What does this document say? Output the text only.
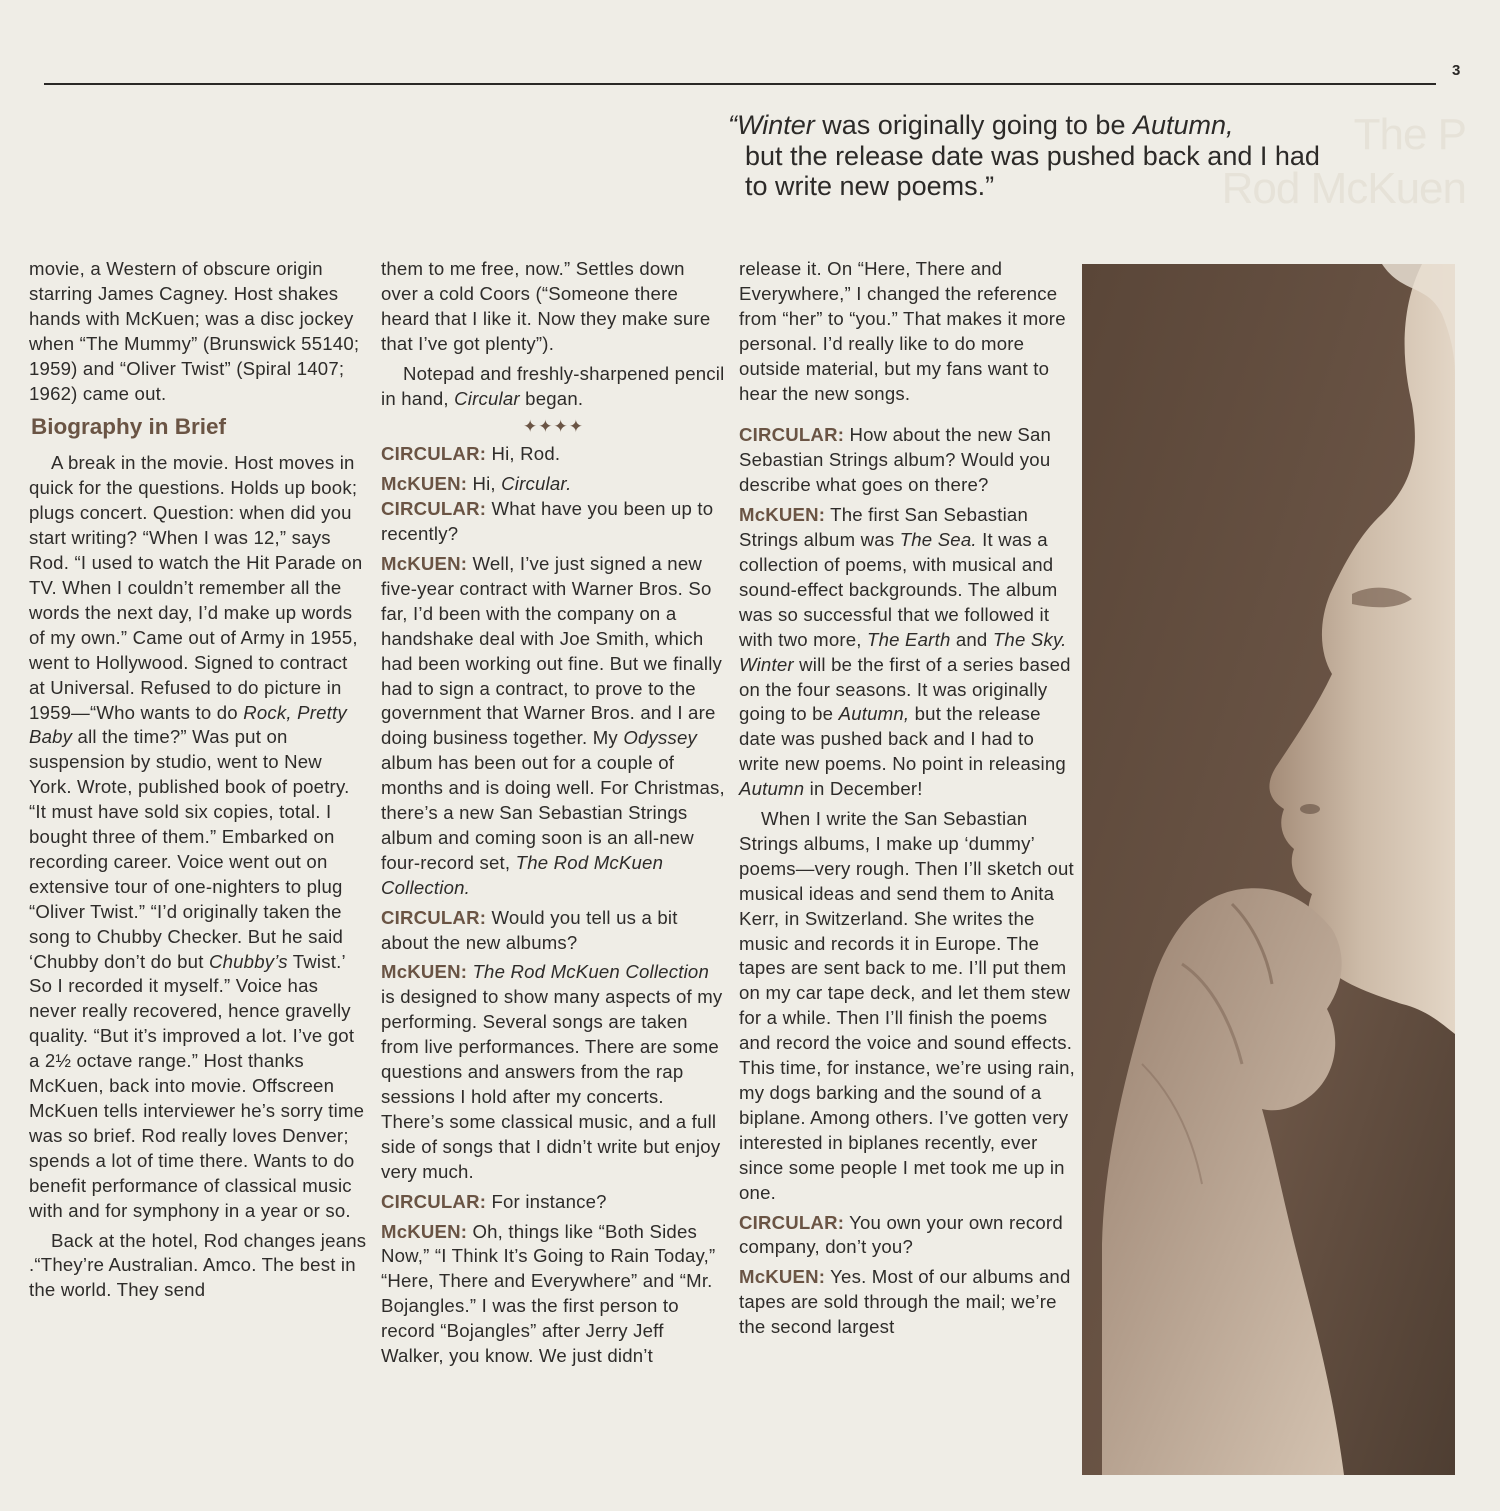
3
The P
Rod McKuen
“Winter was originally going to be Autumn,
but the release date was pushed back and I had
to write new poems.”

movie, a Western of obscure origin starring James Cagney. Host shakes hands with McKuen; was a disc jockey when “The Mummy” (Brunswick 55140; 1959) and “Oliver Twist” (Spiral 1407; 1962) came out.

Biography in Brief

A break in the movie. Host moves in quick for the questions. Holds up book; plugs concert. Question: when did you start writing? “When I was 12,” says Rod. “I used to watch the Hit Parade on TV. When I couldn’t remember all the words the next day, I’d make up words of my own.” Came out of Army in 1955, went to Hollywood. Signed to contract at Universal. Refused to do picture in 1959—“Who wants to do Rock, Pretty Baby all the time?” Was put on suspension by studio, went to New York. Wrote, published book of poetry. “It must have sold six copies, total. I bought three of them.” Embarked on recording career. Voice went out on extensive tour of one-nighters to plug “Oliver Twist.” “I’d originally taken the song to Chubby Checker. But he said ‘Chubby don’t do but Chubby’s Twist.’ So I recorded it myself.” Voice has never really recovered, hence gravelly quality. “But it’s improved a lot. I’ve got a 2½ octave range.” Host thanks McKuen, back into movie. Offscreen McKuen tells interviewer he’s sorry time was so brief. Rod really loves Denver; spends a lot of time there. Wants to do benefit performance of classical music with and for symphony in a year or so.

Back at the hotel, Rod changes jeans .“They’re Australian. Amco. The best in the world. They send

them to me free, now.” Settles down over a cold Coors (“Someone there heard that I like it. Now they make sure that I’ve got plenty”).

Notepad and freshly-sharpened pencil in hand, Circular began.

✦✦✦✦

CIRCULAR: Hi, Rod.

McKUEN: Hi, Circular.

CIRCULAR: What have you been up to recently?

McKUEN: Well, I’ve just signed a new five-year contract with Warner Bros. So far, I’d been with the company on a handshake deal with Joe Smith, which had been working out fine. But we finally had to sign a contract, to prove to the government that Warner Bros. and I are doing business together. My Odyssey album has been out for a couple of months and is doing well. For Christmas, there’s a new San Sebastian Strings album and coming soon is an all-new four-record set, The Rod McKuen Collection.

CIRCULAR: Would you tell us a bit about the new albums?

McKUEN: The Rod McKuen Collection is designed to show many aspects of my performing. Several songs are taken from live performances. There are some questions and answers from the rap sessions I hold after my concerts. There’s some classical music, and a full side of songs that I didn’t write but enjoy very much.

CIRCULAR: For instance?

McKUEN: Oh, things like “Both Sides Now,” “I Think It’s Going to Rain Today,” “Here, There and Everywhere” and “Mr. Bojangles.” I was the first person to record “Bojangles” after Jerry Jeff Walker, you know. We just didn’t

release it. On “Here, There and Everywhere,” I changed the reference from “her” to “you.” That makes it more personal. I’d really like to do more outside material, but my fans want to hear the new songs.

CIRCULAR: How about the new San Sebastian Strings album? Would you describe what goes on there?

McKUEN: The first San Sebastian Strings album was The Sea. It was a collection of poems, with musical and sound-effect backgrounds. The album was so successful that we followed it with two more, The Earth and The Sky. Winter will be the first of a series based on the four seasons. It was originally going to be Autumn, but the release date was pushed back and I had to write new poems. No point in releasing Autumn in December!

When I write the San Sebastian Strings albums, I make up ‘dummy’ poems—very rough. Then I’ll sketch out musical ideas and send them to Anita Kerr, in Switzerland. She writes the music and records it in Europe. The tapes are sent back to me. I’ll put them on my car tape deck, and let them stew for a while. Then I’ll finish the poems and record the voice and sound effects. This time, for instance, we’re using rain, my dogs barking and the sound of a biplane. Among others. I’ve gotten very interested in biplanes recently, ever since some people I met took me up in one.

CIRCULAR: You own your own record company, don’t you?

McKUEN: Yes. Most of our albums and tapes are sold through the mail; we’re the second largest
